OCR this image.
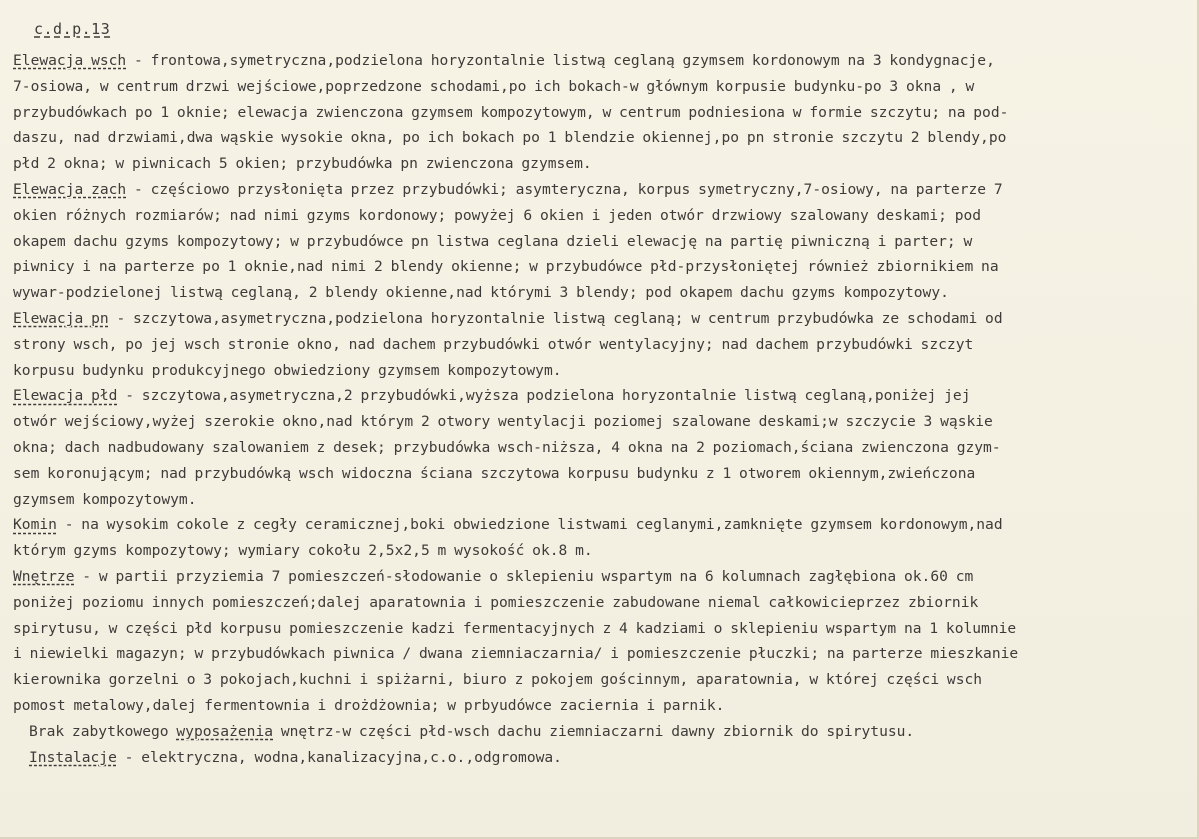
c.d.p.13
Elewacja wsch - frontowa,symetryczna,podzielona horyzontalnie listwą ceglaną gzymsem kordonowym na 3 kondygnacje,
7-osiowa, w centrum drzwi wejściowe,poprzedzone schodami,po ich bokach-w głównym korpusie budynku-po 3 okna , w
przybudówkach po 1 oknie; elewacja zwienczona gzymsem kompozytowym, w centrum podniesiona w formie szczytu; na pod-
daszu, nad drzwiami,dwa wąskie wysokie okna, po ich bokach po 1 blendzie okiennej,po pn stronie szczytu 2 blendy,po
płd 2 okna; w piwnicach 5 okien; przybudówka pn zwienczona gzymsem.
Elewacja zach - częściowo przysłonięta przez przybudówki; asymteryczna, korpus symetryczny,7-osiowy, na parterze 7
okien różnych rozmiarów; nad nimi gzyms kordonowy; powyżej 6 okien i jeden otwór drzwiowy szalowany deskami; pod
okapem dachu gzyms kompozytowy; w przybudówce pn listwa ceglana dzieli elewację na partię piwniczną i parter; w
piwnicy i na parterze po 1 oknie,nad nimi 2 blendy okienne; w przybudówce płd-przysłoniętej również zbiornikiem na
wywar-podzielonej listwą ceglaną, 2 blendy okienne,nad którymi 3 blendy; pod okapem dachu gzyms kompozytowy.
Elewacja pn - szczytowa,asymetryczna,podzielona horyzontalnie listwą ceglaną; w centrum przybudówka ze schodami od
strony wsch, po jej wsch stronie okno, nad dachem przybudówki otwór wentylacyjny; nad dachem przybudówki szczyt
korpusu budynku produkcyjnego obwiedziony gzymsem kompozytowym.
Elewacja płd - szczytowa,asymetryczna,2 przybudówki,wyższa podzielona horyzontalnie listwą ceglaną,poniżej jej
otwór wejściowy,wyżej szerokie okno,nad którym 2 otwory wentylacji poziomej szalowane deskami;w szczycie 3 wąskie
okna; dach nadbudowany szalowaniem z desek; przybudówka wsch-niższa, 4 okna na 2 poziomach,ściana zwienczona gzym-
sem koronującym; nad przybudówką wsch widoczna ściana szczytowa korpusu budynku z 1 otworem okiennym,zwieńczona
gzymsem kompozytowym.
Komin - na wysokim cokole z cegły ceramicznej,boki obwiedzione listwami ceglanymi,zamknięte gzymsem kordonowym,nad
którym gzyms kompozytowy; wymiary cokołu 2,5x2,5 m wysokość ok.8 m.
Wnętrze - w partii przyziemia 7 pomieszczeń-słodowanie o sklepieniu wspartym na 6 kolumnach zagłębiona ok.60 cm
poniżej poziomu innych pomieszczeń;dalej aparatownia i pomieszczenie zabudowane niemal całkowicieprzez zbiornik
spirytusu, w części płd korpusu pomieszczenie kadzi fermentacyjnych z 4 kadziami o sklepieniu wspartym na 1 kolumnie
i niewielki magazyn; w przybudówkach piwnica / dwana ziemniaczarnia/ i pomieszczenie płuczki; na parterze mieszkanie
kierownika gorzelni o 3 pokojach,kuchni i spiżarni, biuro z pokojem gościnnym, aparatownia, w której części wsch
pomost metalowy,dalej fermentownia i drożdżownia; w prbyudówce zaciernia i parnik.
Brak zabytkowego wyposażenia wnętrz-w części płd-wsch dachu ziemniaczarni dawny zbiornik do spirytusu.
Instalacje - elektryczna, wodna,kanalizacyjna,c.o.,odgromowa.
